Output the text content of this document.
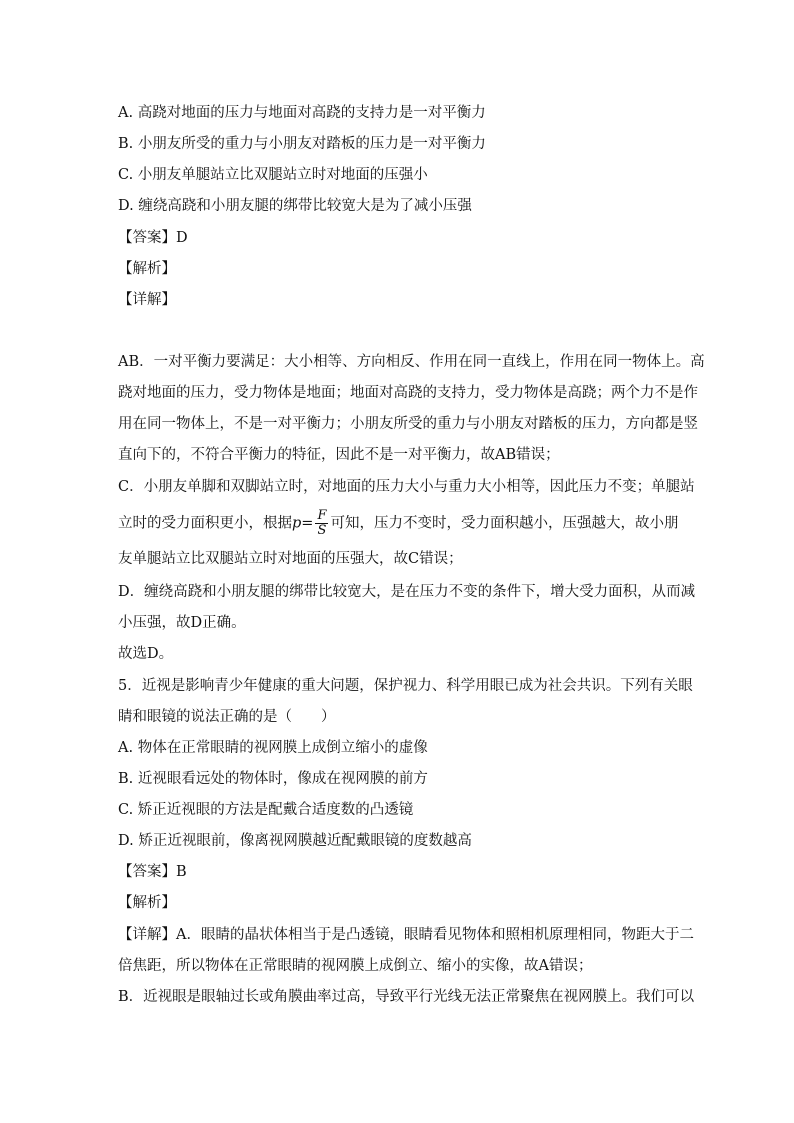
A. 高跷对地面的压力与地面对高跷的支持力是一对平衡力
B. 小朋友所受的重力与小朋友对踏板的压力是一对平衡力
C. 小朋友单腿站立比双腿站立时对地面的压强小
D. 缠绕高跷和小朋友腿的绑带比较宽大是为了减小压强
【答案】D
【解析】
【详解】
AB．一对平衡力要满足：大小相等、方向相反、作用在同一直线上，作用在同一物体上。高
跷对地面的压力，受力物体是地面；地面对高跷的支持力，受力物体是高跷；两个力不是作
用在同一物体上，不是一对平衡力；小朋友所受的重力与小朋友对踏板的压力，方向都是竖
直向下的，不符合平衡力的特征，因此不是一对平衡力，故AB错误；
C．小朋友单脚和双脚站立时，对地面的压力大小与重力大小相等，因此压力不变；单腿站
立时的受力面积更小，根据$p= \frac{F}{S}$ 可知，压力不变时，受力面积越小，压强越大，故小朋
友单腿站立比双腿站立时对地面的压强大，故C错误；
D．缠绕高跷和小朋友腿的绑带比较宽大，是在压力不变的条件下，增大受力面积，从而减
小压强，故D正确。
故选D。
5．近视是影响青少年健康的重大问题，保护视力、科学用眼已成为社会共识。下列有关眼
睛和眼镜的说法正确的是（　　）
A. 物体在正常眼睛的视网膜上成倒立缩小的虚像
B. 近视眼看远处的物体时，像成在视网膜的前方
C. 矫正近视眼的方法是配戴合适度数的凸透镜
D. 矫正近视眼前，像离视网膜越近配戴眼镜的度数越高
【答案】B
【解析】
【详解】A．眼睛的晶状体相当于是凸透镜，眼睛看见物体和照相机原理相同，物距大于二
倍焦距，所以物体在正常眼睛的视网膜上成倒立、缩小的实像，故A错误；
B．近视眼是眼轴过长或角膜曲率过高，导致平行光线无法正常聚焦在视网膜上。我们可以
